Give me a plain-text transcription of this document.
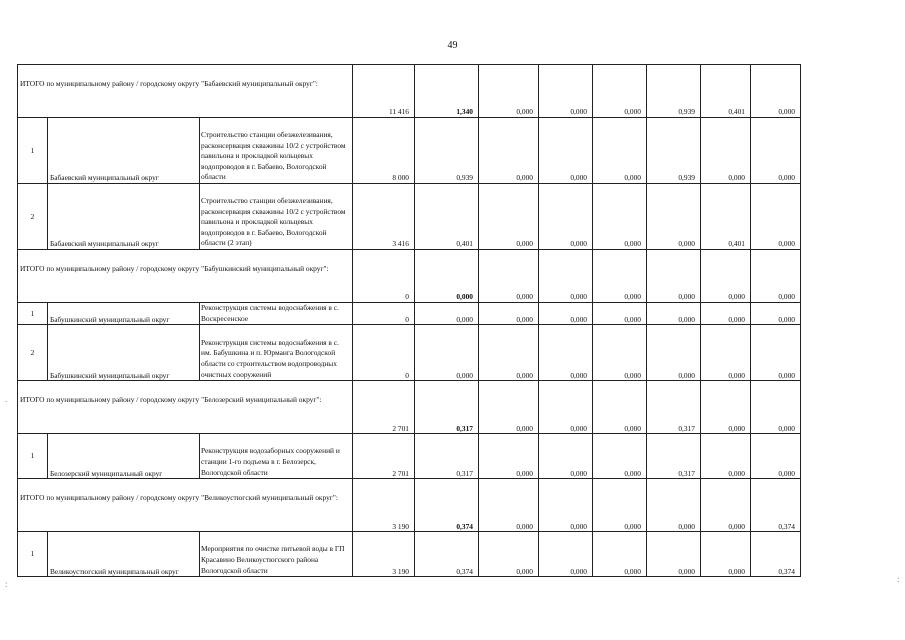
49
.
:	:
ИТОГО по муниципальному району / городскому округу "Бабаевский муниципальный округ":			11 416	1,340	0,000	0,000	0,000	0,939	0,401	0,000
1	Бабаевский муниципальный округ	Строительство станции обезжелезивания, расконсервация скважины 10/2 с устройством павильона и прокладкой кольцевых водопроводов в г. Бабаево, Вологодской области	8 000	0,939	0,000	0,000	0,000	0,939	0,000	0,000
2	Бабаевский муниципальный округ	Строительство станции обезжелезивания, расконсервация скважины 10/2 с устройством павильона и прокладкой кольцевых водопроводов в г. Бабаево, Вологодской области (2 этап)	3 416	0,401	0,000	0,000	0,000	0,000	0,401	0,000
ИТОГО по муниципальному району / городскому округу "Бабушкинский муниципальный округ":			0	0,000	0,000	0,000	0,000	0,000	0,000	0,000
1	Бабушкинский муниципальный округ	Реконструкция системы водоснабжения в с. Воскресенское	0	0,000	0,000	0,000	0,000	0,000	0,000	0,000
2	Бабушкинский муниципальный округ	Реконструкция системы водоснабжения в с. им. Бабушкина и п. Юрманга Вологодской области со строительством водопроводных очистных сооружений	0	0,000	0,000	0,000	0,000	0,000	0,000	0,000
ИТОГО по муниципальному району / городскому округу "Белозерский муниципальный округ":			2 701	0,317	0,000	0,000	0,000	0,317	0,000	0,000
1	Белозерский муниципальный округ	Реконструкция водозаборных сооружений и станции 1-го подъема в г. Белозерск, Вологодской области	2 701	0,317	0,000	0,000	0,000	0,317	0,000	0,000
ИТОГО по муниципальному району / городскому округу "Великоустюгский муниципальный округ":			3 190	0,374	0,000	0,000	0,000	0,000	0,000	0,374
1	Великоустюгский муниципальный округ	Мероприятия по очистке питьевой воды в ГП Красавино Великоустюгского района Вологодской области	3 190	0,374	0,000	0,000	0,000	0,000	0,000	0,374
